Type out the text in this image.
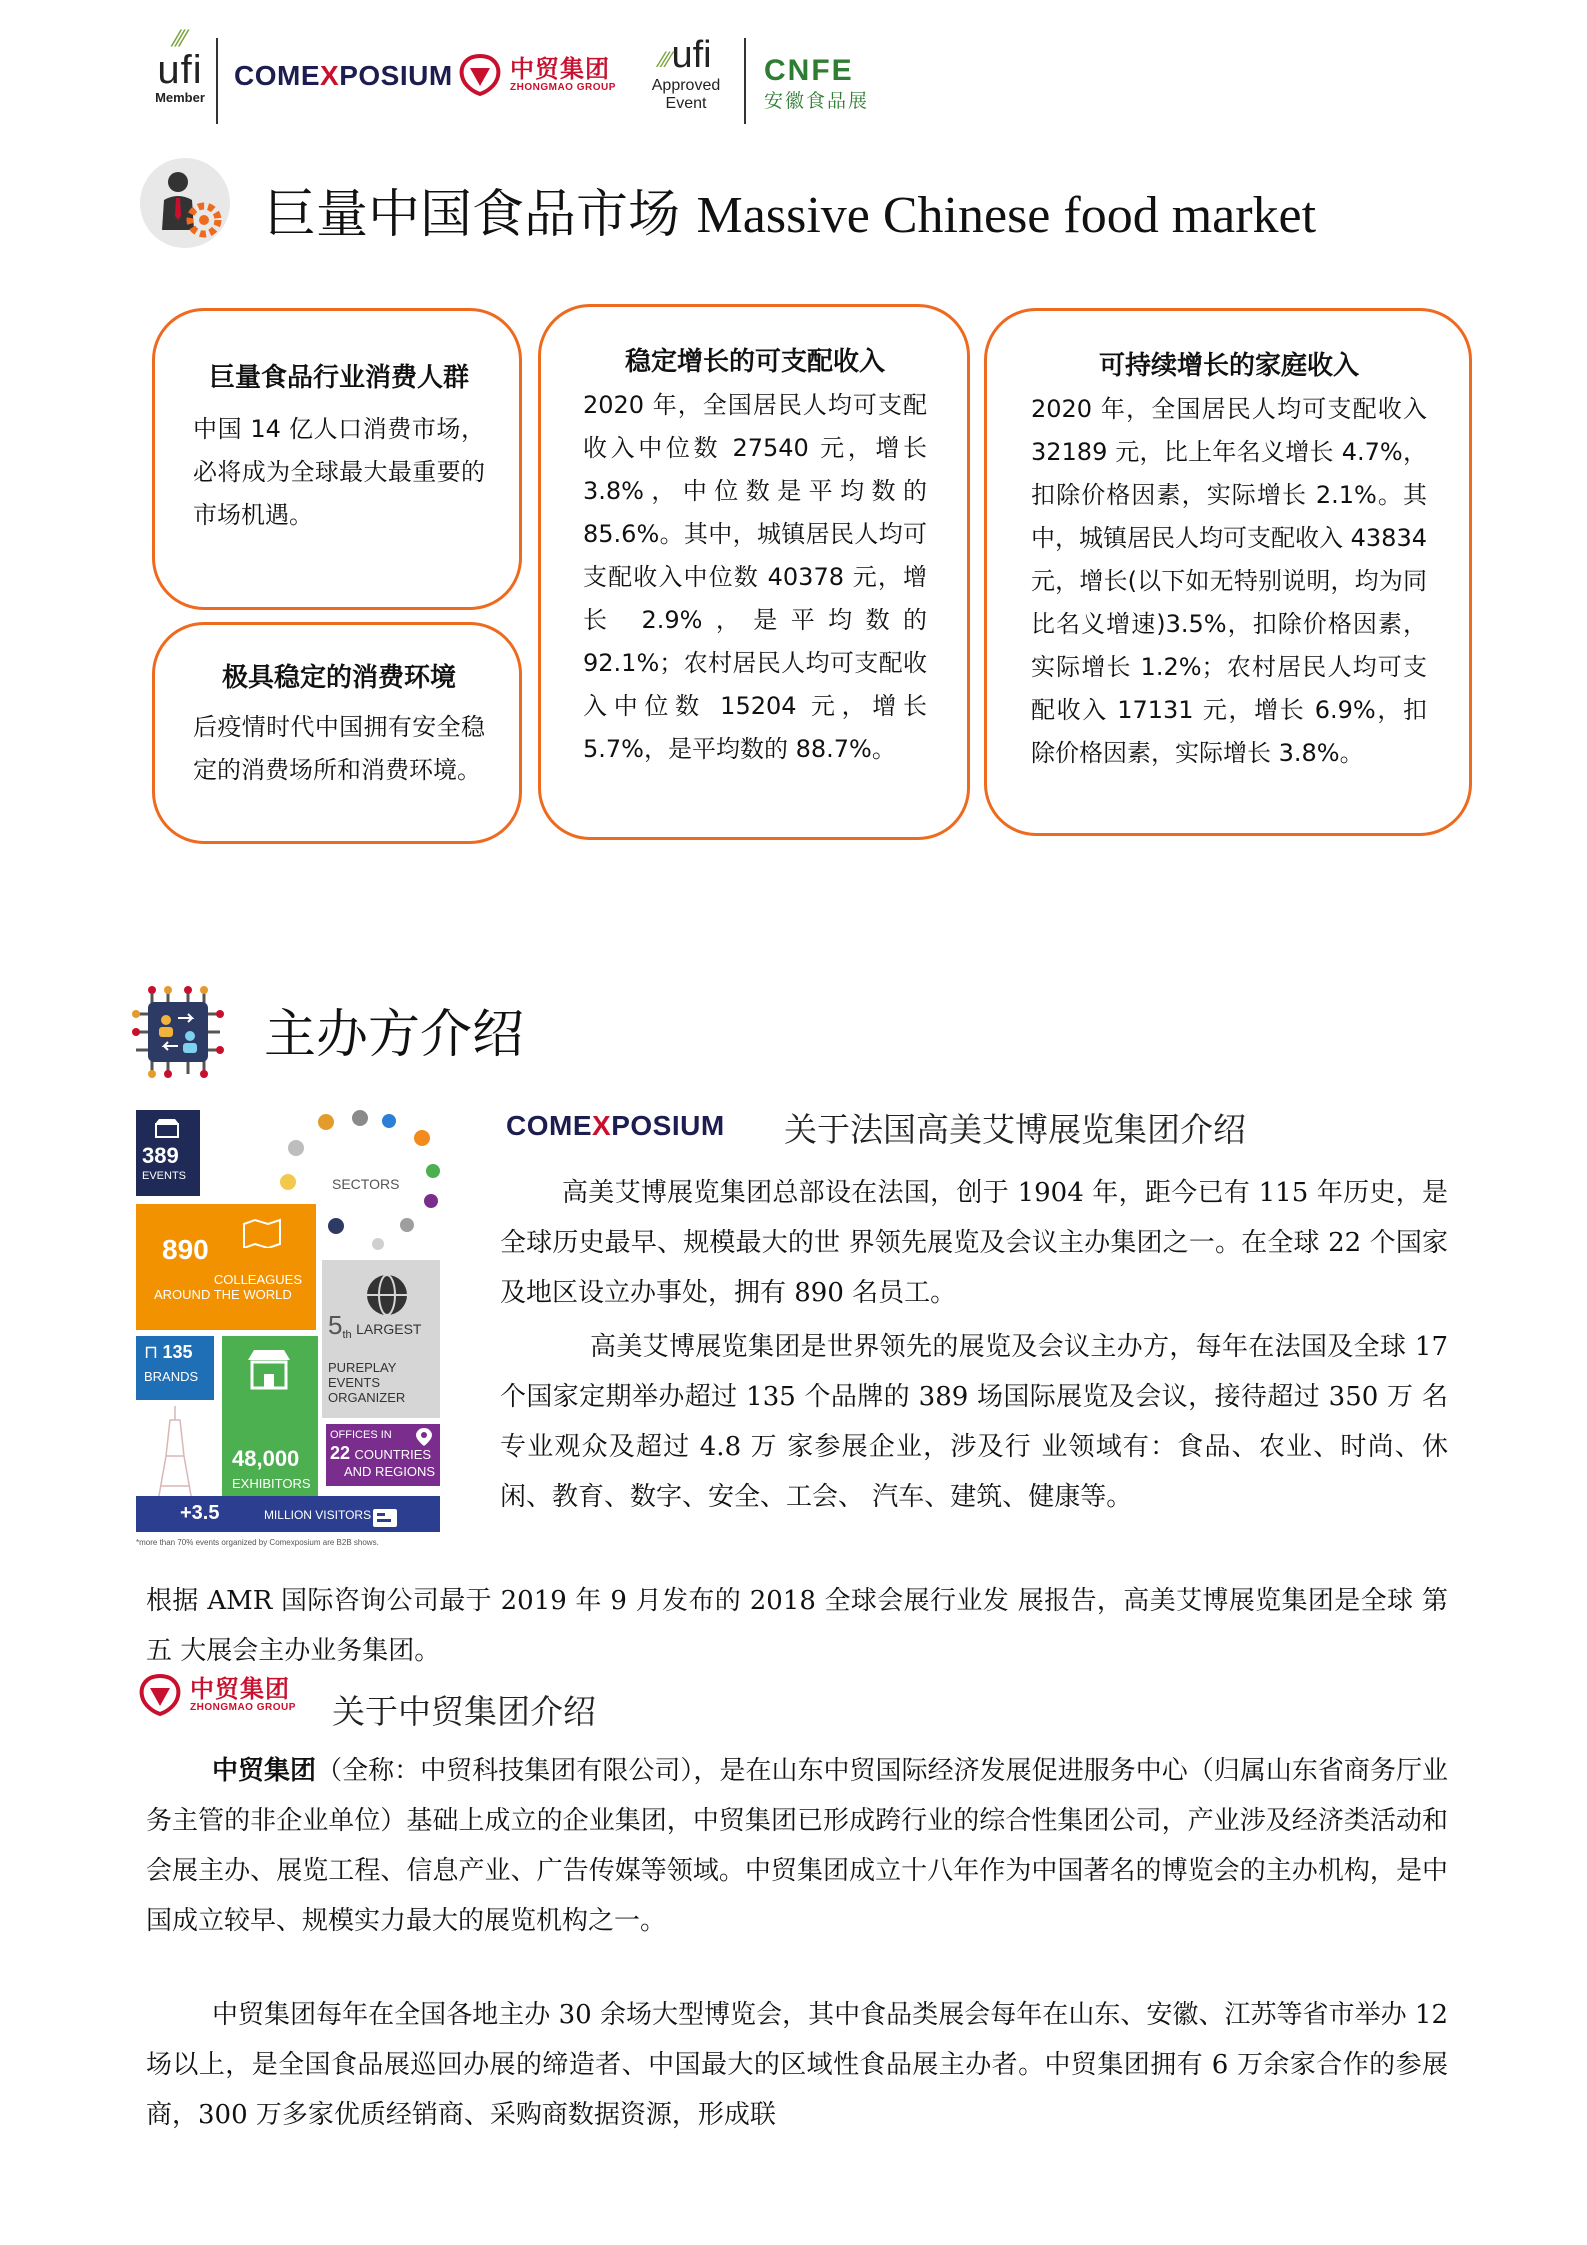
⁄⁄⁄
ufi
Member
COMEXPOSIUM 中贸集团
ZHONGMAO GROUP
⁄⁄⁄ufi
Approved
Event
CNFE
安徽食品展
巨量中国食品市场 Massive Chinese food market
巨量食品行业消费人群
中国 14 亿人口消费市场，必将成为全球最大最重要的市场机遇。
极具稳定的消费环境
后疫情时代中国拥有安全稳定的消费场所和消费环境。
稳定增长的可支配收入
2020 年，全国居民人均可支配收入中位数 27540 元，增长 3.8%，中位数是平均数的 85.6%。其中，城镇居民人均可支配收入中位数 40378 元，增长 2.9%，是平均数的 92.1%；农村居民人均可支配收入中位数 15204 元，增长 5.7%，是平均数的 88.7%。
可持续增长的家庭收入
2020 年，全国居民人均可支配收入 32189 元，比上年名义增长 4.7%，扣除价格因素，实际增长 2.1%。其中，城镇居民人均可支配收入 43834 元，增长(以下如无特别说明，均为同比名义增速)3.5%，扣除价格因素，实际增长 1.2%；农村居民人均可支配收入 17131 元，增长 6.9%，扣除价格因素，实际增长 3.8%。
主办方介绍
389
EVENTS	SECTORS
890
COLLEAGUES
AROUND THE WORLD
$5_{th}$ LARGEST
PUREPLAY
EVENTS
ORGANIZER
⊓ 135
BRANDS
48,000
EXHIBITORS
OFFICES IN
22 COUNTRIES
AND REGIONS
+3.5	MILLION VISITORS
*more than 70% events organized by Comexposium are B2B shows.
COMEXPOSIUM 关于法国高美艾博展览集团介绍
高美艾博展览集团总部设在法国，创于 1904 年，距今已有 115 年历史，是全球历史最早、规模最大的世 界领先展览及会议主办集团之一。在全球 22 个国家及地区设立办事处，拥有 890 名员工。
高美艾博展览集团是世界领先的展览及会议主办方，每年在法国及全球 17 个国家定期举办超过 135 个品牌的 389 场国际展览及会议，接待超过 350 万 名专业观众及超过 4.8 万 家参展企业，涉及行 业领域有：食品、农业、时尚、休闲、教育、数字、安全、工会、 汽车、建筑、健康等。
根据 AMR 国际咨询公司最于 2019 年 9 月发布的 2018 全球会展行业发 展报告，高美艾博展览集团是全球 第五 大展会主办业务集团。
中贸集团
ZHONGMAO GROUP 关于中贸集团介绍
中贸集团（全称：中贸科技集团有限公司），是在山东中贸国际经济发展促进服务中心（归属山东省商务厅业务主管的非企业单位）基础上成立的企业集团，中贸集团已形成跨行业的综合性集团公司，产业涉及经济类活动和会展主办、展览工程、信息产业、广告传媒等领域。中贸集团成立十八年作为中国著名的博览会的主办机构，是中国成立较早、规模实力最大的展览机构之一。
中贸集团每年在全国各地主办 30 余场大型博览会，其中食品类展会每年在山东、安徽、江苏等省市举办 12 场以上，是全国食品展巡回办展的缔造者、中国最大的区域性食品展主办者。中贸集团拥有 6 万余家合作的参展商，300 万多家优质经销商、采购商数据资源，形成联
